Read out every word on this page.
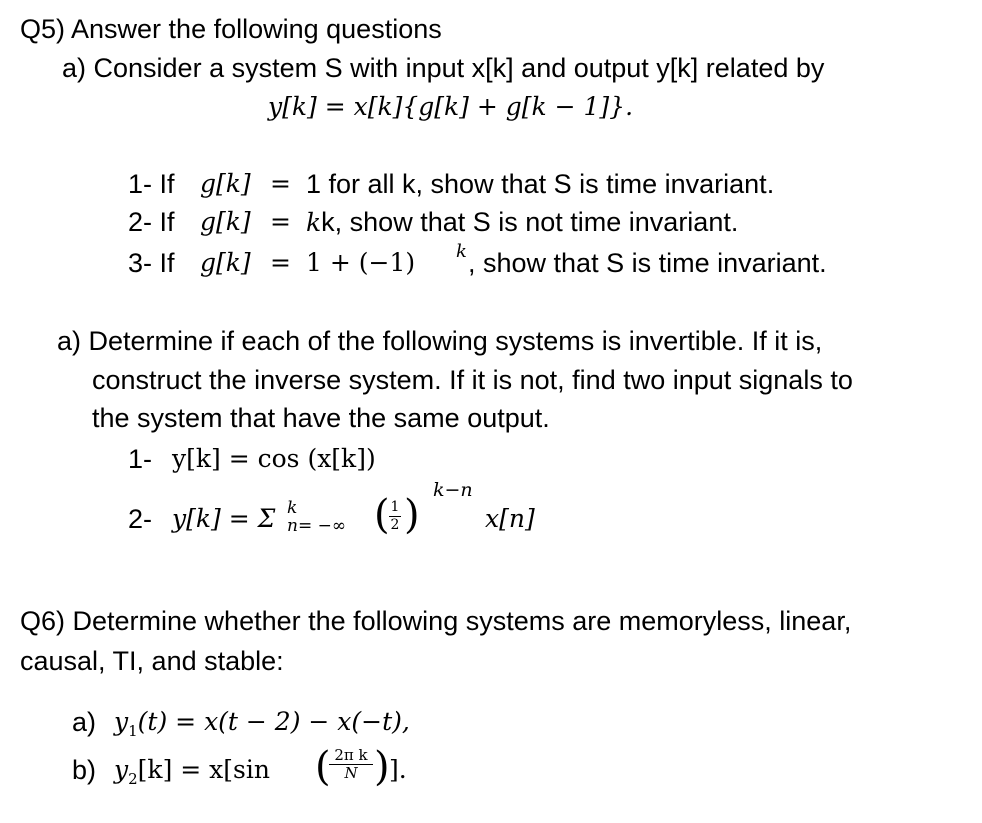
Q5) Answer the following questions
a) Consider a system S with input x[k] and output y[k] related by
y[k] = x[k]{g[k] + g[k − 1]}.
1- If g[k] = 1 for all k, show that S is time invariant.
2- If g[k] = kk, show that S is not time invariant.
3- If g[k] = 1 + (−1) k , show that S is time invariant.
a) Determine if each of the following systems is invertible. If it is,
construct the inverse system. If it is not, find two input signals to
the system that have the same output.
1- y[k] = cos (x[k])
2- y[k] = Σ k
n= −∞ ( 1
2 )
k−n
x[n]
Q6) Determine whether the following systems are memoryless, linear,
causal, TI, and stable:
a) $y_1(t) = x(t - 2) - x(-t)$,
b) $y_2[k] = x[\sin$ ( 2π k
N ) ].
